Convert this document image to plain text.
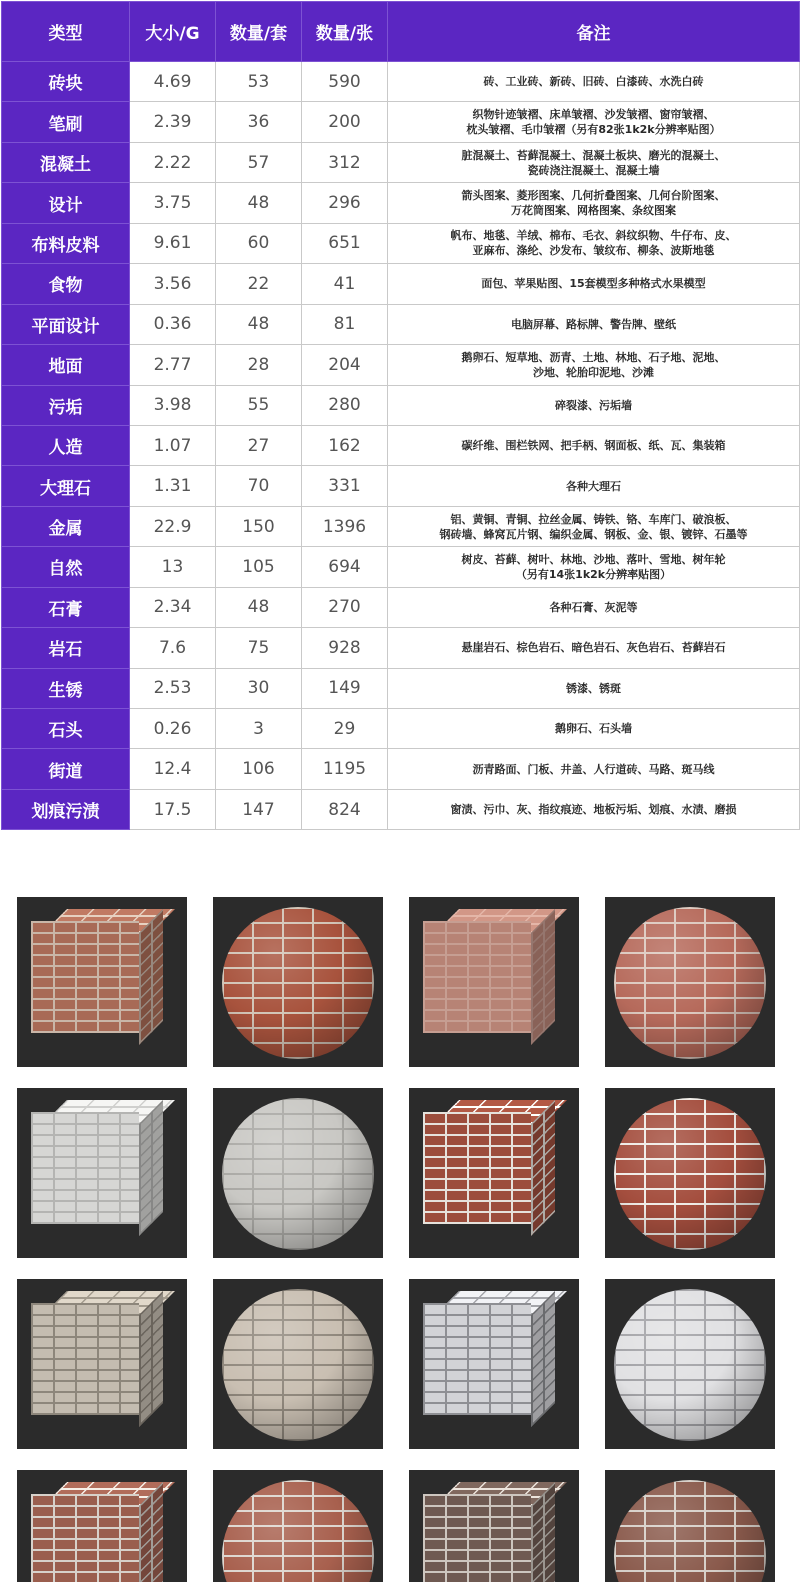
类型	大小/G	数量/套	数量/张	备注
砖块	4.69	53	590	砖、工业砖、新砖、旧砖、白漆砖、水洗白砖

笔刷	2.39	36	200	织物针迹皱褶、床单皱褶、沙发皱褶、窗帘皱褶、
枕头皱褶、毛巾皱褶（另有82张1k2k分辨率贴图）

混凝土	2.22	57	312	脏混凝土、苔藓混凝土、混凝土板块、磨光的混凝土、
瓷砖浇注混凝土、混凝土墙

设计	3.75	48	296	箭头图案、菱形图案、几何折叠图案、几何台阶图案、
万花筒图案、网格图案、条纹图案

布料皮料	9.61	60	651	帆布、地毯、羊绒、棉布、毛衣、斜纹织物、牛仔布、皮、
亚麻布、涤纶、沙发布、皱纹布、柳条、波斯地毯

食物	3.56	22	41	面包、苹果贴图、15套模型多种格式水果模型

平面设计	0.36	48	81	电脑屏幕、路标牌、警告牌、壁纸

地面	2.77	28	204	鹅卵石、短草地、沥青、土地、林地、石子地、泥地、
沙地、轮胎印泥地、沙滩

污垢	3.98	55	280	碎裂漆、污垢墙

人造	1.07	27	162	碳纤维、围栏铁网、把手柄、钢面板、纸、瓦、集装箱

大理石	1.31	70	331	各种大理石

金属	22.9	150	1396	铝、黄铜、青铜、拉丝金属、铸铁、铬、车库门、破浪板、
钢砖墙、蜂窝瓦片钢、编织金属、钢板、金、银、镀锌、石墨等

自然	13	105	694	树皮、苔藓、树叶、林地、沙地、落叶、雪地、树年轮
（另有14张1k2k分辨率贴图）

石膏	2.34	48	270	各种石膏、灰泥等

岩石	7.6	75	928	悬崖岩石、棕色岩石、暗色岩石、灰色岩石、苔藓岩石

生锈	2.53	30	149	锈漆、锈斑

石头	0.26	3	29	鹅卵石、石头墙

街道	12.4	106	1195	沥青路面、门板、井盖、人行道砖、马路、斑马线

划痕污渍	17.5	147	824	窗渍、污巾、灰、指纹痕迹、地板污垢、划痕、水渍、磨损
